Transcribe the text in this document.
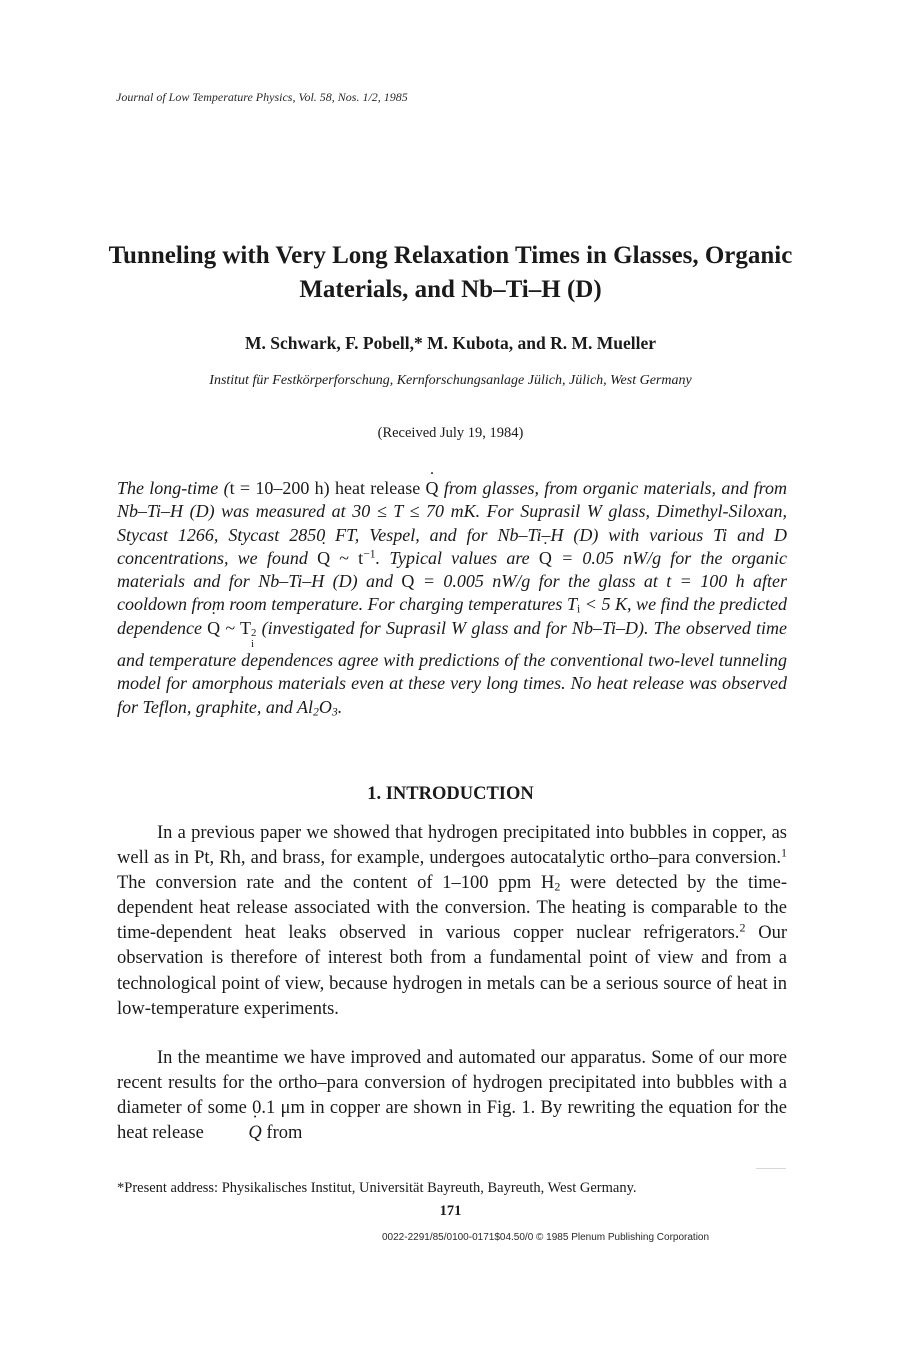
Journal of Low Temperature Physics, Vol. 58, Nos. 1/2, 1985
Tunneling with Very Long Relaxation Times in Glasses, Organic Materials, and Nb–Ti–H (D)
M. Schwark, F. Pobell,* M. Kubota, and R. M. Mueller
Institut für Festkörperforschung, Kernforschungsanlage Jülich, Jülich, West Germany
(Received July 19, 1984)

The long-time (t = 10–200 h) heat release Q ˙ from glasses, from organic materials, and from Nb–Ti–H (D) was measured at 30 ≤ T ≤ 70 mK. For Suprasil W glass, Dimethyl-Siloxan, Stycast 1266, Stycast 2850 FT, Vespel, and for Nb–Ti–H (D) with various Ti and D concentrations, we found Q ˙ ~ $t^{-1}$. Typical values are Q ˙ = 0.05 nW/g for the organic materials and for Nb–Ti–H (D) and Q ˙ = 0.005 nW/g for the glass at t = 100 h after cooldown from room temperature. For charging temperatures $T_i < 5$ K, we find the predicted dependence Q ˙ ~ T 2
i
(investigated for Suprasil W glass and for Nb–Ti–D). The observed time and temperature dependences agree with predictions of the conventional two-level tunneling model for amorphous materials even at these very long times. No heat release was observed for Teflon, graphite, and $Al_2O_3$.

1. INTRODUCTION

In a previous paper we showed that hydrogen precipitated into bubbles in copper, as well as in Pt, Rh, and brass, for example, undergoes autocatalytic ortho–para conversion.$^1$ The conversion rate and the content of 1–100 ppm $H_2$ were detected by the time-dependent heat release associated with the conversion. The heating is comparable to the time-dependent heat leaks observed in various copper nuclear refrigerators.$^2$ Our observation is therefore of interest both from a fundamental point of view and from a technological point of view, because hydrogen in metals can be a serious source of heat in low-temperature experiments.

In the meantime we have improved and automated our apparatus. Some of our more recent results for the ortho–para conversion of hydrogen precipitated into bubbles with a diameter of some 0.1 μm in copper are shown in Fig. 1. By rewriting the equation for the heat release Q ˙ from

*Present address: Physikalisches Institut, Universität Bayreuth, Bayreuth, West Germany.
171
0022-2291/85/0100-0171$04.50/0 © 1985 Plenum Publishing Corporation
